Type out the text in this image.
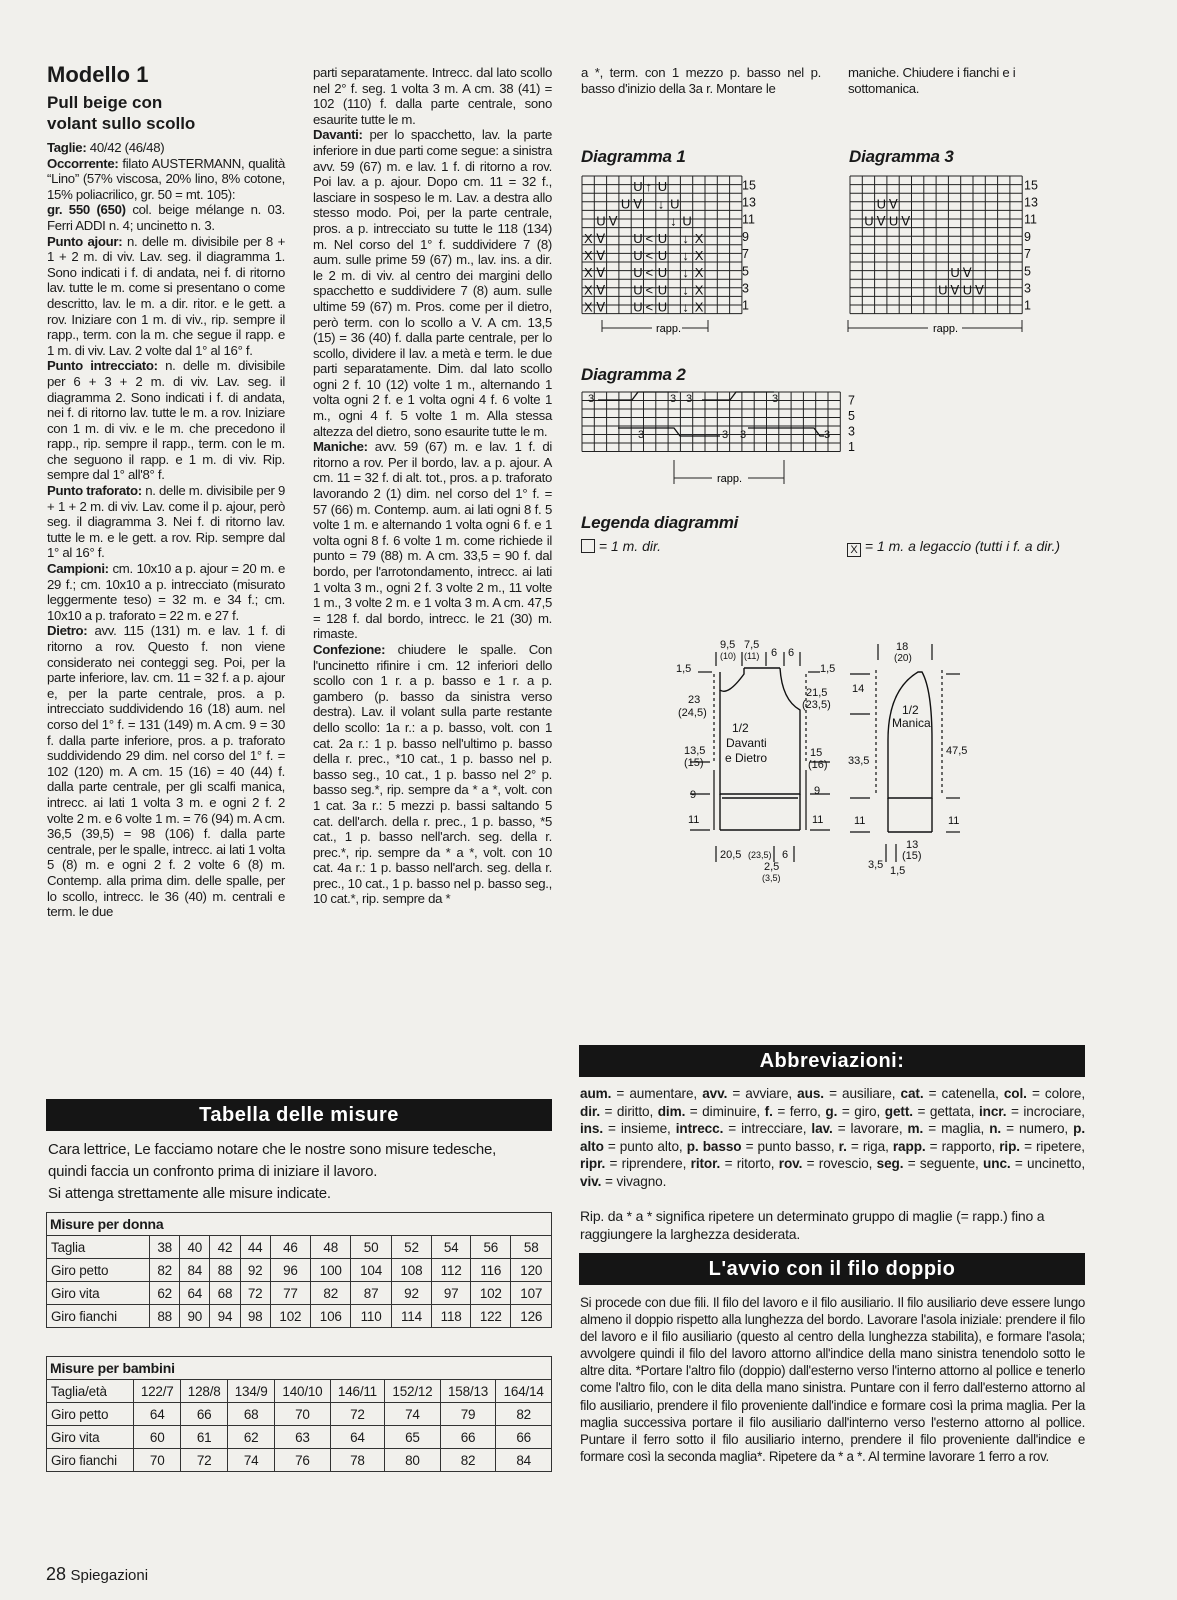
Modello 1
Pull beige con
volant sullo scollo

Taglie: 40/42 (46/48)

Occorrente: filato AUSTERMANN, qualità “Lino” (57% viscosa, 20% lino, 8% cotone, 15% poliacrilico, gr. 50 = mt. 105):

gr. 550 (650) col. beige mélange n. 03. Ferri ADDI n. 4; uncinetto n. 3.

Punto ajour: n. delle m. divisibile per 8 + 1 + 2 m. di viv. Lav. seg. il diagramma 1. Sono indicati i f. di andata, nei f. di ritorno lav. tutte le m. come si presentano o come descritto, lav. le m. a dir. ritor. e le gett. a rov. Iniziare con 1 m. di viv., rip. sempre il rapp., term. con la m. che segue il rapp. e 1 m. di viv. Lav. 2 volte dal 1° al 16° f.

Punto intrecciato: n. delle m. divisibile per 6 + 3 + 2 m. di viv. Lav. seg. il diagramma 2. Sono indicati i f. di andata, nei f. di ritorno lav. tutte le m. a rov. Iniziare con 1 m. di viv. e le m. che precedono il rapp., rip. sempre il rapp., term. con le m. che seguono il rapp. e 1 m. di viv. Rip. sempre dal 1° all'8° f.

Punto traforato: n. delle m. divisibile per 9 + 1 + 2 m. di viv. Lav. come il p. ajour, però seg. il diagramma 3. Nei f. di ritorno lav. tutte le m. e le gett. a rov. Rip. sempre dal 1° al 16° f.

Campioni: cm. 10x10 a p. ajour = 20 m. e 29 f.; cm. 10x10 a p. intrecciato (misurato leggermente teso) = 32 m. e 34 f.; cm. 10x10 a p. traforato = 22 m. e 27 f.

Dietro: avv. 115 (131) m. e lav. 1 f. di ritorno a rov. Questo f. non viene considerato nei conteggi seg. Poi, per la parte inferiore, lav. cm. 11 = 32 f. a p. ajour e, per la parte centrale, pros. a p. intrecciato suddividendo 16 (18) aum. nel corso del 1° f. = 131 (149) m. A cm. 9 = 30 f. dalla parte inferiore, pros. a p. traforato suddividendo 29 dim. nel corso del 1° f. = 102 (120) m. A cm. 15 (16) = 40 (44) f. dalla parte centrale, per gli scalfi manica, intrecc. ai lati 1 volta 3 m. e ogni 2 f. 2 volte 2 m. e 6 volte 1 m. = 76 (94) m. A cm. 36,5 (39,5) = 98 (106) f. dalla parte centrale, per le spalle, intrecc. ai lati 1 volta 5 (8) m. e ogni 2 f. 2 volte 6 (8) m. Contemp. alla prima dim. delle spalle, per lo scollo, intrecc. le 36 (40) m. centrali e term. le due

parti separatamente. Intrecc. dal lato scollo nel 2° f. seg. 1 volta 3 m. A cm. 38 (41) = 102 (110) f. dalla parte centrale, sono esaurite tutte le m.

Davanti: per lo spacchetto, lav. la parte inferiore in due parti come segue: a sinistra avv. 59 (67) m. e lav. 1 f. di ritorno a rov. Poi lav. a p. ajour. Dopo cm. 11 = 32 f., lasciare in sospeso le m. Lav. a destra allo stesso modo. Poi, per la parte centrale, pros. a p. intrecciato su tutte le 118 (134) m. Nel corso del 1° f. suddividere 7 (8) aum. sulle prime 59 (67) m., lav. ins. a dir. le 2 m. di viv. al centro dei margini dello spacchetto e suddividere 7 (8) aum. sulle ultime 59 (67) m. Pros. come per il dietro, però term. con lo scollo a V. A cm. 13,5 (15) = 36 (40) f. dalla parte centrale, per lo scollo, dividere il lav. a metà e term. le due parti separatamente. Dim. dal lato scollo ogni 2 f. 10 (12) volte 1 m., alternando 1 volta ogni 2 f. e 1 volta ogni 4 f. 6 volte 1 m., ogni 4 f. 5 volte 1 m. Alla stessa altezza del dietro, sono esaurite tutte le m.

Maniche: avv. 59 (67) m. e lav. 1 f. di ritorno a rov. Per il bordo, lav. a p. ajour. A cm. 11 = 32 f. di alt. tot., pros. a p. traforato lavorando 2 (1) dim. nel corso del 1° f. = 57 (66) m. Contemp. aum. ai lati ogni 8 f. 5 volte 1 m. e alternando 1 volta ogni 6 f. e 1 volta ogni 8 f. 6 volte 1 m. come richiede il punto = 79 (88) m. A cm. 33,5 = 90 f. dal bordo, per l'arrotondamento, intrecc. ai lati 1 volta 3 m., ogni 2 f. 3 volte 2 m., 11 volte 1 m., 3 volte 2 m. e 1 volta 3 m. A cm. 47,5 = 128 f. dal bordo, intrecc. le 21 (30) m. rimaste.

Confezione: chiudere le spalle. Con l'uncinetto rifinire i cm. 12 inferiori dello scollo con 1 r. a p. basso e 1 r. a p. gambero (p. basso da sinistra verso destra). Lav. il volant sulla parte restante dello scollo: 1a r.: a p. basso, volt. con 1 cat. 2a r.: 1 p. basso nell'ultimo p. basso della r. prec., *10 cat., 1 p. basso nel p. basso seg., 10 cat., 1 p. basso nel 2° p. basso seg.*, rip. sempre da * a *, volt. con 1 cat. 3a r.: 5 mezzi p. bassi saltando 5 cat. dell'arch. della r. prec., 1 p. basso, *5 cat., 1 p. basso nell'arch. seg. della r. prec.*, rip. sempre da * a *, volt. con 10 cat. 4a r.: 1 p. basso nell'arch. seg. della r. prec., 10 cat., 1 p. basso nel p. basso seg., 10 cat.*, rip. sempre da *

a *, term. con 1 mezzo p. basso nel p. basso d'inizio della 3a r. Montare le

maniche. Chiudere i fianchi e i sottomanica.

Diagramma 1	Diagramma 3
Diagramma 2
U ↑ U
U ∀ ↓ U
U ∀	↓ U
X ∀ U < U ↓ X
X ∀ U < U ↓ X
X ∀ U < U ↓ X
X ∀ U < U ↓ X
X ∀ U < U ↓ X
15
13
11
9
7
5
3
1
rapp.
U ∀
U ∀ U ∀
U ∀
U ∀ U ∀
15
13
11
9
7
5
3
1
rapp.
3	3 3	3
3	3 3	3
7
5
3
1
rapp.
Legenda diagrammi
= 1 m. dir.	X = 1 m. a legaccio (tutti i f. a dir.)
1/2
Davanti
e Dietro
1/2
Manica
9,5
(10)
7,5
(11) 6 6
1,5
23
(24,5)
13,5
(15)
9
11
1,5
21,5
(23,5)
15
(16)
9
11
20,5 (23,5) 6
2,5
(3,5)
18
(20)
14
33,5
11
47,5
11
13
(15)
3,5 1,5
Abbreviazioni:
aum. = aumentare, avv. = avviare, aus. = ausiliare, cat. = catenella, col. = colore, dir. = diritto, dim. = diminuire, f. = ferro, g. = giro, gett. = gettata, incr. = incrociare, ins. = insieme, intrecc. = intrecciare, lav. = lavorare, m. = maglia, n. = numero, p. alto = punto alto, p. basso = punto basso, r. = riga, rapp. = rapporto, rip. = ripetere, ripr. = riprendere, ritor. = ritorto, rov. = rovescio, seg. = seguente, unc. = uncinetto, viv. = vivagno.
Rip. da * a * significa ripetere un determinato gruppo di maglie (= rapp.) fino a raggiungere la larghezza desiderata.
L'avvio con il filo doppio
Si procede con due fili. Il filo del lavoro e il filo ausiliario. Il filo ausiliario deve essere lungo almeno il doppio rispetto alla lunghezza del bordo. Lavorare l'asola iniziale: prendere il filo del lavoro e il filo ausiliario (questo al centro della lunghezza stabilita), e formare l'asola; avvolgere quindi il filo del lavoro attorno all'indice della mano sinistra tenendolo sotto le altre dita. *Portare l'altro filo (doppio) dall'esterno verso l'interno attorno al pollice e tenerlo come l'altro filo, con le dita della mano sinistra. Puntare con il ferro dall'esterno attorno al filo ausiliario, prendere il filo proveniente dall'indice e formare così la prima maglia. Per la maglia successiva portare il filo ausiliario dall'interno verso l'esterno attorno al pollice. Puntare il ferro sotto il filo ausiliario interno, prendere il filo proveniente dall'indice e formare così la seconda maglia*. Ripetere da * a *. Al termine lavorare 1 ferro a rov.
Tabella delle misure
Cara lettrice, Le facciamo notare che le nostre sono misure tedesche,
quindi faccia un confronto prima di iniziare il lavoro.
Si attenga strettamente alle misure indicate.
Misure per donna											
Taglia	38	40	42	44	46	48	50	52	54	56	58
Giro petto	82	84	88	92	96	100	104	108	112	116	120
Giro vita	62	64	68	72	77	82	87	92	97	102	107
Giro fianchi	88	90	94	98	102	106	110	114	118	122	126
Misure per bambini								
Taglia/età	122/7	128/8	134/9	140/10	146/11	152/12	158/13	164/14
Giro petto	64	66	68	70	72	74	79	82
Giro vita	60	61	62	63	64	65	66	66
Giro fianchi	70	72	74	76	78	80	82	84
28 Spiegazioni
